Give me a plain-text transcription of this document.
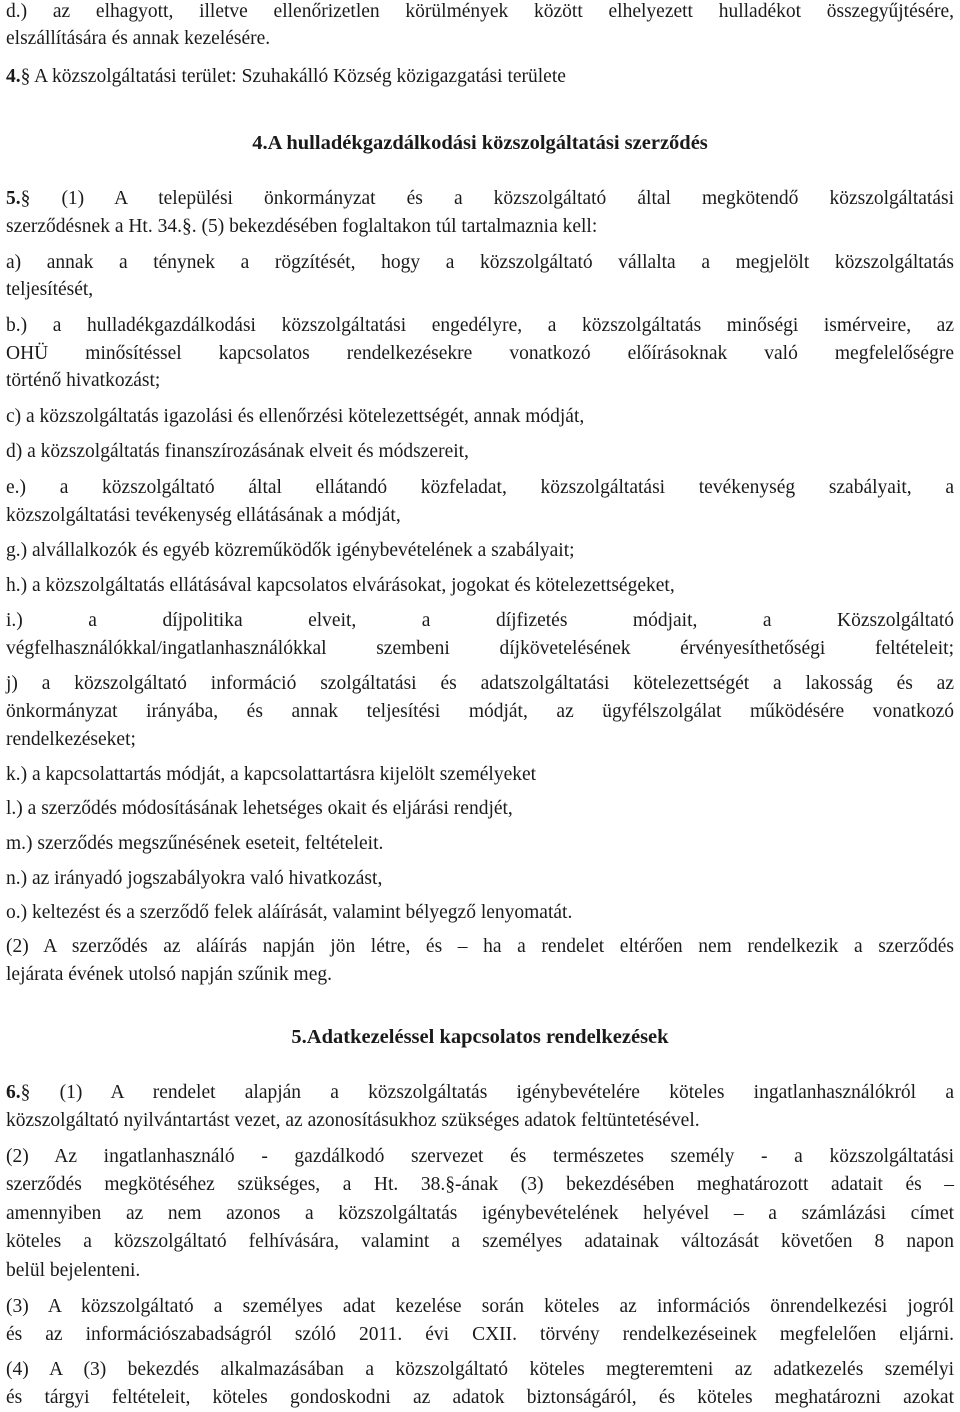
d.) az elhagyott, illetve ellenőrizetlen körülmények között elhelyezett hulladékot összegyűjtésére,
elszállítására és annak kezelésére.
4.§ A közszolgáltatási terület: Szuhakálló Község közigazgatási területe
4.A hulladékgazdálkodási közszolgáltatási szerződés
5.§ (1) A települési önkormányzat és a közszolgáltató által megkötendő közszolgáltatási
szerződésnek a Ht. 34.§. (5) bekezdésében foglaltakon túl tartalmaznia kell:
a) annak a ténynek a rögzítését, hogy a közszolgáltató vállalta a megjelölt közszolgáltatás
teljesítését,
b.) a hulladékgazdálkodási közszolgáltatási engedélyre, a közszolgáltatás minőségi ismérveire, az
OHÜ minősítéssel kapcsolatos rendelkezésekre vonatkozó előírásoknak való megfelelőségre
történő hivatkozást;
c) a közszolgáltatás igazolási és ellenőrzési kötelezettségét, annak módját,
d) a közszolgáltatás finanszírozásának elveit és módszereit,
e.) a közszolgáltató által ellátandó közfeladat, közszolgáltatási tevékenység szabályait, a
közszolgáltatási tevékenység ellátásának a módját,
g.) alvállalkozók és egyéb közreműködők igénybevételének a szabályait;
h.) a közszolgáltatás ellátásával kapcsolatos elvárásokat, jogokat és kötelezettségeket,
i.) a díjpolitika elveit, a díjfizetés módjait, a Közszolgáltató
végfelhasználókkal/ingatlanhasználókkal szembeni díjkövetelésének érvényesíthetőségi feltételeit;
j) a közszolgáltató információ szolgáltatási és adatszolgáltatási kötelezettségét a lakosság és az
önkormányzat irányába, és annak teljesítési módját, az ügyfélszolgálat működésére vonatkozó
rendelkezéseket;
k.) a kapcsolattartás módját, a kapcsolattartásra kijelölt személyeket
l.) a szerződés módosításának lehetséges okait és eljárási rendjét,
m.) szerződés megszűnésének eseteit, feltételeit.
n.) az irányadó jogszabályokra való hivatkozást,
o.) keltezést és a szerződő felek aláírását, valamint bélyegző lenyomatát.
(2) A szerződés az aláírás napján jön létre, és – ha a rendelet eltérően nem rendelkezik a szerződés
lejárata évének utolsó napján szűnik meg.
5.Adatkezeléssel kapcsolatos rendelkezések
6.§ (1) A rendelet alapján a közszolgáltatás igénybevételére köteles ingatlanhasználókról a
közszolgáltató nyilvántartást vezet, az azonosításukhoz szükséges adatok feltüntetésével.
(2) Az ingatlanhasználó - gazdálkodó szervezet és természetes személy - a közszolgáltatási
szerződés megkötéséhez szükséges, a Ht. 38.§-ának (3) bekezdésében meghatározott adatait és –
amennyiben az nem azonos a közszolgáltatás igénybevételének helyével – a számlázási címet
köteles a közszolgáltató felhívására, valamint a személyes adatainak változását követően 8 napon
belül bejelenteni.
(3) A közszolgáltató a személyes adat kezelése során köteles az információs önrendelkezési jogról
és az információszabadságról szóló 2011. évi CXII. törvény rendelkezéseinek megfelelően eljárni.
(4) A (3) bekezdés alkalmazásában a közszolgáltató köteles megteremteni az adatkezelés személyi
és tárgyi feltételeit, köteles gondoskodni az adatok biztonságáról, és köteles meghatározni azokat
